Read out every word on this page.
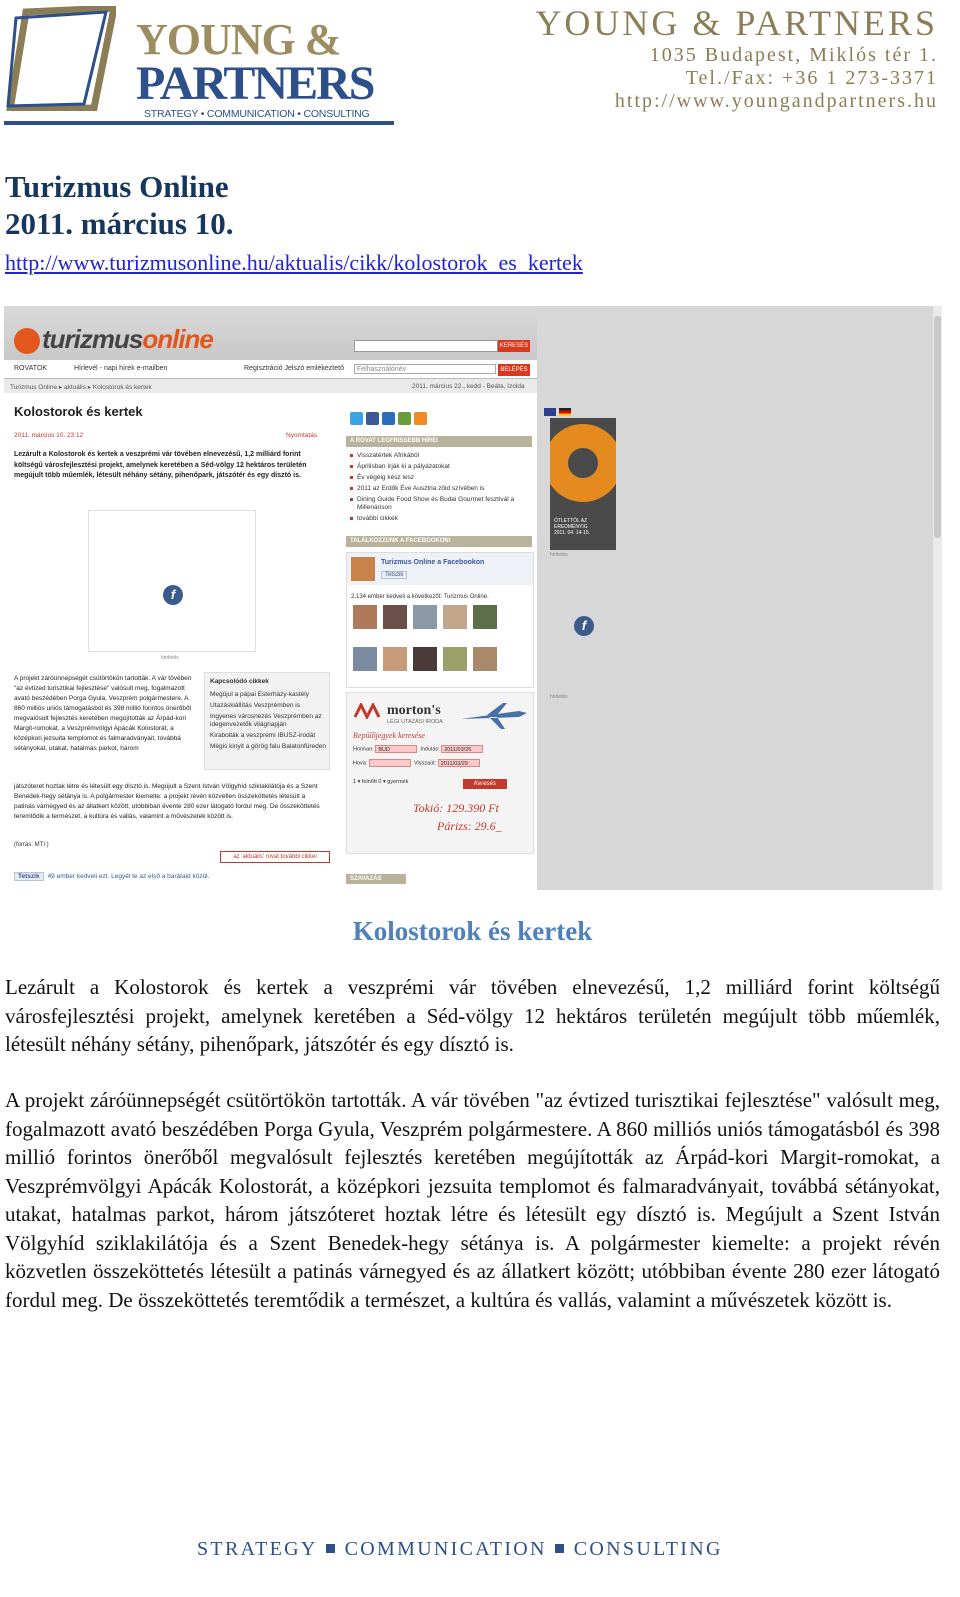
YOUNG &
PARTNERS
STRATEGY • COMMUNICATION • CONSULTING
YOUNG & PARTNERS
1035 Budapest, Miklós tér 1.
Tel./Fax: +36 1 273-3371
http://www.youngandpartners.hu
Turizmus Online
2011. március 10.
http://www.turizmusonline.hu/aktualis/cikk/kolostorok_es_kertek
turizmusonline	KERESÉS
ROVATOK	Hírlevél - napi hírek e-mailben	Regisztráció Jelszó emlékeztető	Felhasználónév	BELÉPÉS
Turizmus Online ▸ aktuális ▸ Kolostorok és kertek	2011. március 22., kedd - Beáta, Izolda
Kolostorok és kertek
2011. március 10. 23:12	Nyomtatás
Lezárult a Kolostorok és kertek a veszprémi vár tövében elnevezésű, 1,2 milliárd forint költségű városfejlesztési projekt, amelynek keretében a Séd-völgy 12 hektáros területén megújult több műemlék, létesült néhány sétány, pihenőpark, játszótér és egy dísztó is.
f
hirdetés
A projekt záróünnepségét csütörtökön tartották. A vár tövében "az évtized turisztikai fejlesztése" valósult meg, fogalmazott avató beszédében Porga Gyula, Veszprém polgármestere. A 860 milliós uniós támogatásból és 398 millió forintos önerőből megvalósult fejlesztés keretében megújították az Árpád-kori Margit-romokat, a Veszprémvölgyi Apácák Kolostorát, a középkori jezsuita templomot és falmaradványait, továbbá sétányokat, utakat, hatalmas parkot, három
Kapcsolódó cikkek
Megújul a pápai Esterházy-kastély
Utazáskiállítás Veszprémben is
Ingyenes városnézés Veszprémben az idegenvezetők világnapján
Kirabolták a veszprémi IBUSZ-irodát
Mégis kinyit a görög falu Balatonfüreden
játszóteret hoztak létre és létesült egy dísztó is. Megújult a Szent István Völgyhíd sziklakilátója és a Szent Benedek-hegy sétánya is. A polgármester kiemelte: a projekt révén közvetlen összeköttetés létesült a patinás várnegyed és az állatkert között; utóbbiban évente 280 ezer látogató fordul meg. De összeköttetés teremtődik a természet, a kultúra és vallás, valamint a művészetek között is.
(forrás: MTI )
az 'aktuális' rovat további cikkei
Tetszik 49 ember kedveli ezt. Legyél te az első a barátaid közül.
A ROVAT LEGFRISSEBB HÍREI
Visszatértek Afrikából
Áprilisban írják ki a pályázatokat
Év végéig kész lesz
2011 az Erdők Éve Ausztria zöld szívében is
Dining Guide Food Show és Budai Gourmet fesztivál a Millenárison
további cikkek
TALÁLKOZZUNK A FACEBOOKON!
Turizmus Online a Facebookon
Tetszik
2,134 ember kedveli a következőt: Turizmus Online.
morton's
LÉGI UTAZÁSI IRODA
Repülőjegyek keresése
Honnan: BUD	Indulás: 2011/03/26
Hova:	Visszaút: 2011/03/29
1 ▾ felnőtt 0 ▾ gyermek	Keresés
Tokió: 129.390 Ft
Párizs: 29.6_
SZAVAZÁS
ÖTLETTŐL AZ EREDMÉNYIG
2011. 04. 14-15.
hirdetés
f
hirdetés
Kolostorok és kertek

Lezárult a Kolostorok és kertek a veszprémi vár tövében elnevezésű, 1,2 milliárd forint költségű városfejlesztési projekt, amelynek keretében a Séd-völgy 12 hektáros területén megújult több műemlék, létesült néhány sétány, pihenőpark, játszótér és egy dísztó is.

A projekt záróünnepségét csütörtökön tartották. A vár tövében "az évtized turisztikai fejlesztése" valósult meg, fogalmazott avató beszédében Porga Gyula, Veszprém polgármestere. A 860 milliós uniós támogatásból és 398 millió forintos önerőből megvalósult fejlesztés keretében megújították az Árpád-kori Margit-romokat, a Veszprémvölgyi Apácák Kolostorát, a középkori jezsuita templomot és falmaradványait, továbbá sétányokat, utakat, hatalmas parkot, három játszóteret hoztak létre és létesült egy dísztó is. Megújult a Szent István Völgyhíd sziklakilátója és a Szent Benedek-hegy sétánya is. A polgármester kiemelte: a projekt révén közvetlen összeköttetés létesült a patinás várnegyed és az állatkert között; utóbbiban évente 280 ezer látogató fordul meg. De összeköttetés teremtődik a természet, a kultúra és vallás, valamint a művészetek között is.

STRATEGY COMMUNICATION CONSULTING
